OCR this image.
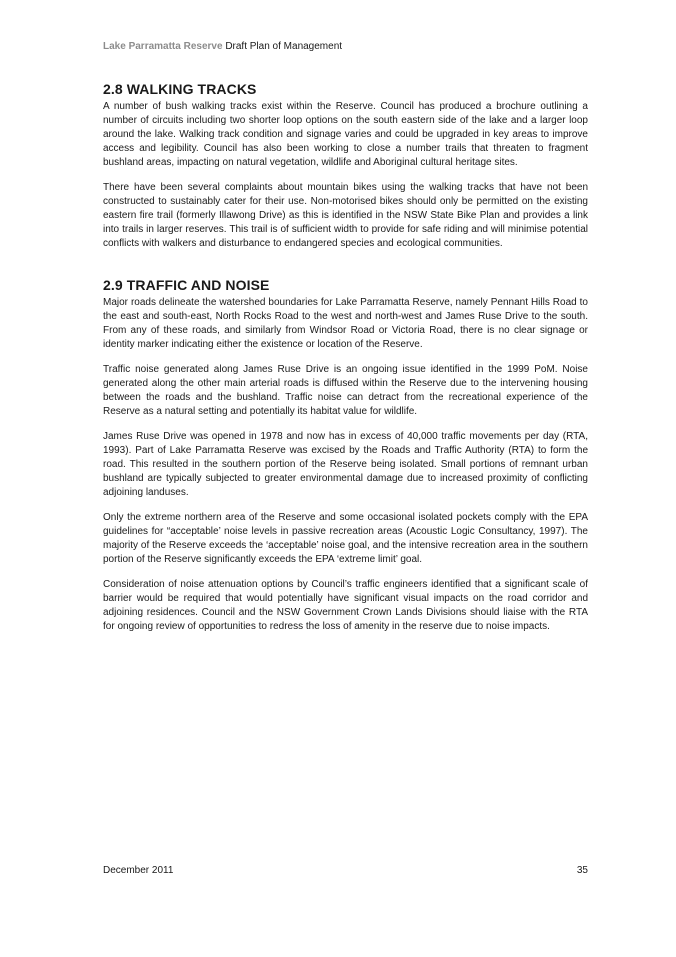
Lake Parramatta Reserve Draft Plan of Management
2.8 WALKING TRACKS

A number of bush walking tracks exist within the Reserve. Council has produced a brochure outlining a number of circuits including two shorter loop options on the south eastern side of the lake and a larger loop around the lake. Walking track condition and signage varies and could be upgraded in key areas to improve access and legibility. Council has also been working to close a number trails that threaten to fragment bushland areas, impacting on natural vegetation, wildlife and Aboriginal cultural heritage sites.

There have been several complaints about mountain bikes using the walking tracks that have not been constructed to sustainably cater for their use. Non-motorised bikes should only be permitted on the existing eastern fire trail (formerly Illawong Drive) as this is identified in the NSW State Bike Plan and provides a link into trails in larger reserves. This trail is of sufficient width to provide for safe riding and will minimise potential conflicts with walkers and disturbance to endangered species and ecological communities.

2.9 TRAFFIC AND NOISE

Major roads delineate the watershed boundaries for Lake Parramatta Reserve, namely Pennant Hills Road to the east and south-east, North Rocks Road to the west and north-west and James Ruse Drive to the south. From any of these roads, and similarly from Windsor Road or Victoria Road, there is no clear signage or identity marker indicating either the existence or location of the Reserve.

Traffic noise generated along James Ruse Drive is an ongoing issue identified in the 1999 PoM. Noise generated along the other main arterial roads is diffused within the Reserve due to the intervening housing between the roads and the bushland. Traffic noise can detract from the recreational experience of the Reserve as a natural setting and potentially its habitat value for wildlife.

James Ruse Drive was opened in 1978 and now has in excess of 40,000 traffic movements per day (RTA, 1993). Part of Lake Parramatta Reserve was excised by the Roads and Traffic Authority (RTA) to form the road. This resulted in the southern portion of the Reserve being isolated. Small portions of remnant urban bushland are typically subjected to greater environmental damage due to increased proximity of conflicting adjoining landuses.

Only the extreme northern area of the Reserve and some occasional isolated pockets comply with the EPA guidelines for “acceptable’ noise levels in passive recreation areas (Acoustic Logic Consultancy, 1997). The majority of the Reserve exceeds the ‘acceptable’ noise goal, and the intensive recreation area in the southern portion of the Reserve significantly exceeds the EPA ‘extreme limit’ goal.

Consideration of noise attenuation options by Council’s traffic engineers identified that a significant scale of barrier would be required that would potentially have significant visual impacts on the road corridor and adjoining residences. Council and the NSW Government Crown Lands Divisions should liaise with the RTA for ongoing review of opportunities to redress the loss of amenity in the reserve due to noise impacts.

December 2011	35
